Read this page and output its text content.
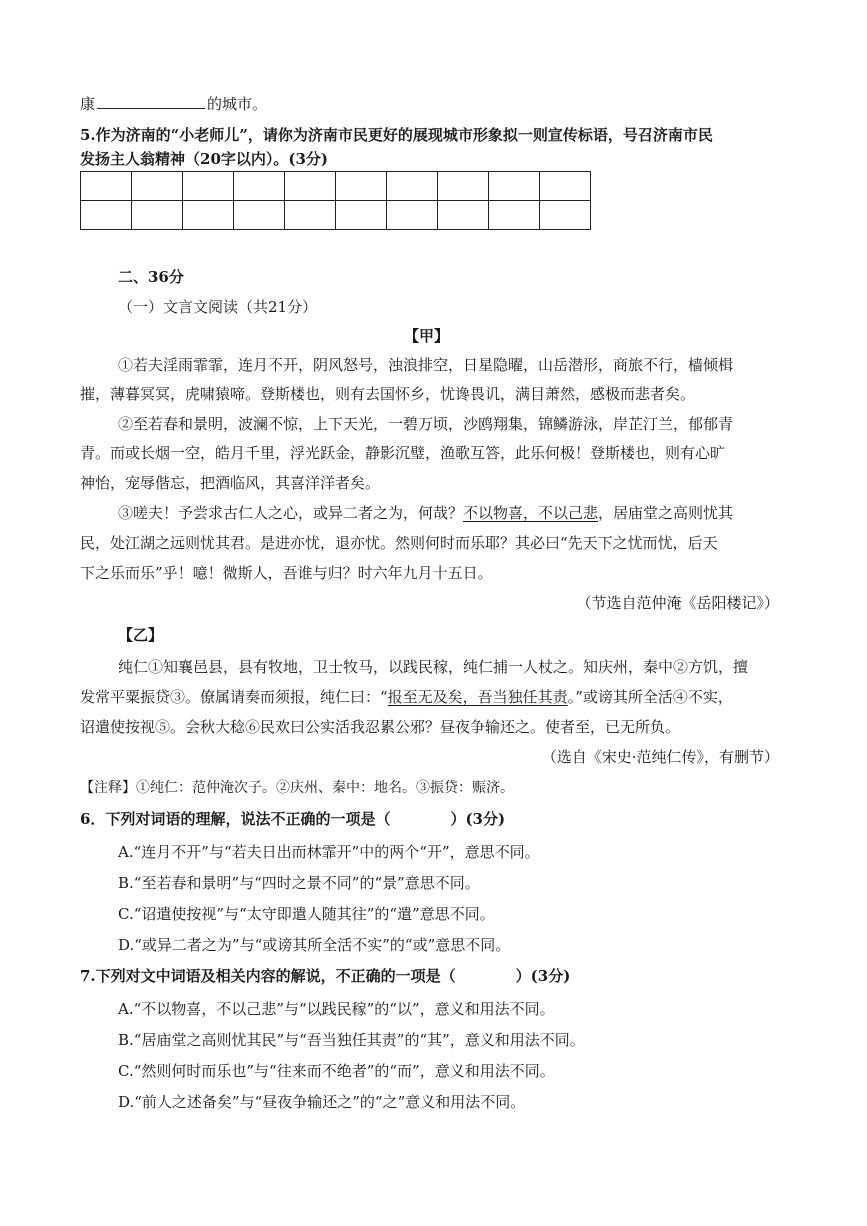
康	的城市。
5.作为济南的“小老师儿”，请你为济南市民更好的展现城市形象拟一则宣传标语，号召济南市民
发扬主人翁精神（20字以内）。(3分)

二、36分
（一）文言文阅读（共21分）
【甲】
①若夫淫雨霏霏，连月不开，阴风怒号，浊浪排空，日星隐曜，山岳潜形，商旅不行，樯倾楫
摧，薄暮冥冥，虎啸猿啼。登斯楼也，则有去国怀乡，忧谗畏讥，满目萧然，感极而悲者矣。
②至若春和景明，波澜不惊，上下天光，一碧万顷，沙鸥翔集，锦鳞游泳，岸芷汀兰，郁郁青
青。而或长烟一空，皓月千里，浮光跃金，静影沉璧，渔歌互答，此乐何极！登斯楼也，则有心旷
神怡，宠辱偕忘，把酒临风，其喜洋洋者矣。
③嗟夫！予尝求古仁人之心，或异二者之为，何哉？不以物喜，不以己悲，居庙堂之高则忧其
民，处江湖之远则忧其君。是进亦忧，退亦忧。然则何时而乐耶？其必曰“先天下之忧而忧，后天
下之乐而乐”乎！噫！微斯人，吾谁与归？时六年九月十五日。
（节选自范仲淹《岳阳楼记》）
【乙】
纯仁①知襄邑县，县有牧地，卫士牧马，以践民稼，纯仁捕一人杖之。知庆州，秦中②方饥，擅
发常平粟振贷③。僚属请奏而须报，纯仁曰：“报至无及矣，吾当独任其责。”或谤其所全活④不实，
诏遣使按视⑤。会秋大稔⑥民欢曰公实活我忍累公邪？昼夜争输还之。使者至，已无所负。
（选自《宋史·范纯仁传》，有删节）
【注释】①纯仁：范仲淹次子。②庆州、秦中：地名。③振贷：赈济。
6．下列对词语的理解，说法不正确的一项是（	）(3分)
A.“连月不开”与“若夫日出而林霏开”中的两个“开”，意思不同。
B.“至若春和景明”与“四时之景不同”的“景”意思不同。
C.“诏遣使按视”与“太守即遣人随其往”的“遣”意思不同。
D.“或异二者之为”与“或谤其所全活不实”的“或”意思不同。
7.下列对文中词语及相关内容的解说，不正确的一项是（	）(3分)
A.“不以物喜，不以己悲”与“以践民稼”的“以”，意义和用法不同。
B.“居庙堂之高则忧其民”与“吾当独任其责”的“其”，意义和用法不同。
C.“然则何时而乐也”与“往来而不绝者”的“而”，意义和用法不同。
D.“前人之述备矣”与“昼夜争输还之”的“之”意义和用法不同。
